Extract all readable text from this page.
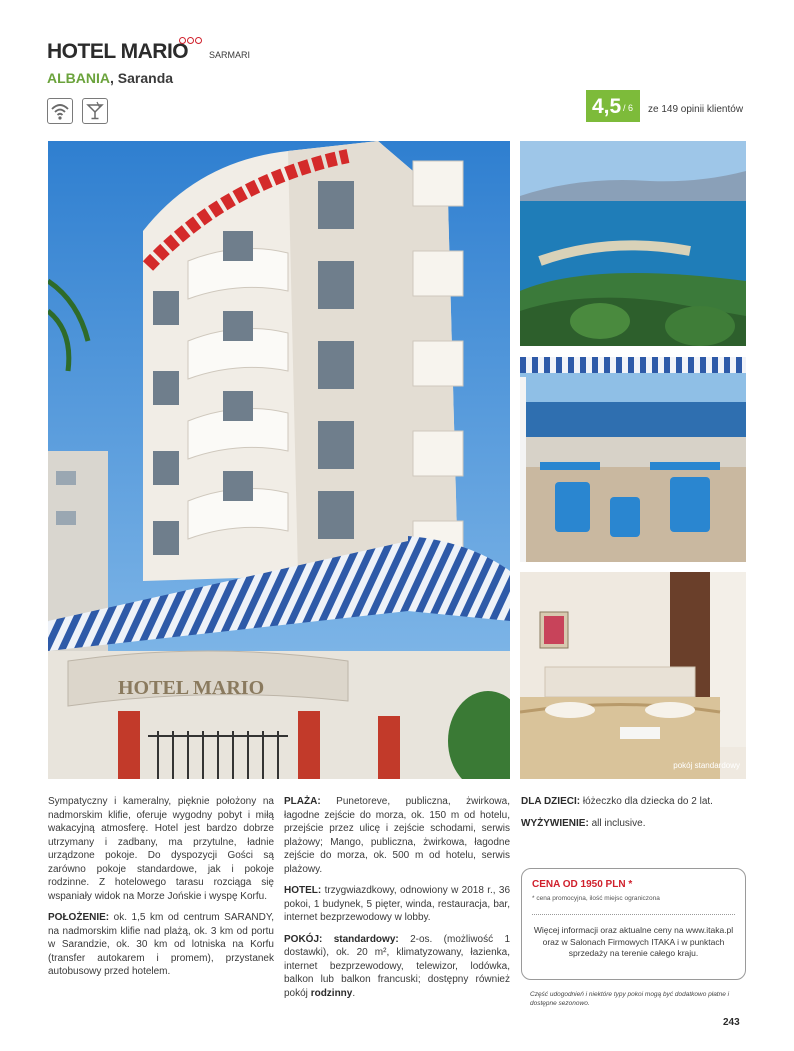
HOTEL MARIO SARMARI
ALBANIA, Saranda
4,5 / 6 ze 149 opinii klientów
HOTEL MARIO
pokój standardowy

Sympatyczny i kameralny, pięknie położony na nadmorskim klifie, oferuje wygodny pobyt i miłą wakacyjną atmosferę. Hotel jest bardzo dobrze utrzymany i zadbany, ma przytulne, ładnie urządzone pokoje. Do dyspozycji Gości są zarówno pokoje standardowe, jak i pokoje rodzinne. Z hotelowego tarasu rozciąga się wspaniały widok na Morze Jońskie i wyspę Korfu.

POŁOŻENIE: ok. 1,5 km od centrum SARANDY, na nadmorskim klifie nad plażą, ok. 3 km od portu w Sarandzie, ok. 30 km od lotniska na Korfu (transfer autokarem i promem), przystanek autobusowy przed hotelem.

PLAŻA: Punetoreve, publiczna, żwirkowa, łagodne zejście do morza, ok. 150 m od hotelu, przejście przez ulicę i zejście schodami, serwis plażowy; Mango, publiczna, żwirkowa, łagodne zejście do morza, ok. 500 m od hotelu, serwis plażowy.

HOTEL: trzygwiazdkowy, odnowiony w 2018 r., 36 pokoi, 1 budynek, 5 pięter, winda, restauracja, bar, internet bezprzewodowy w lobby.

POKÓJ: standardowy: 2-os. (możliwość 1 dostawki), ok. 20 m², klimatyzowany, łazienka, internet bezprzewodowy, telewizor, lodówka, balkon lub balkon francuski; dostępny również pokój rodzinny.

DLA DZIECI: łóżeczko dla dziecka do 2 lat.

WYŻYWIENIE: all inclusive.

CENA OD 1950 PLN *
* cena promocyjna, ilość miejsc ograniczona
Więcej informacji oraz aktualne ceny na www.itaka.pl oraz w Salonach Firmowych ITAKA i w punktach sprzedaży na terenie całego kraju.
Część udogodnień i niektóre typy pokoi mogą być dodatkowo płatne i dostępne sezonowo.
243
